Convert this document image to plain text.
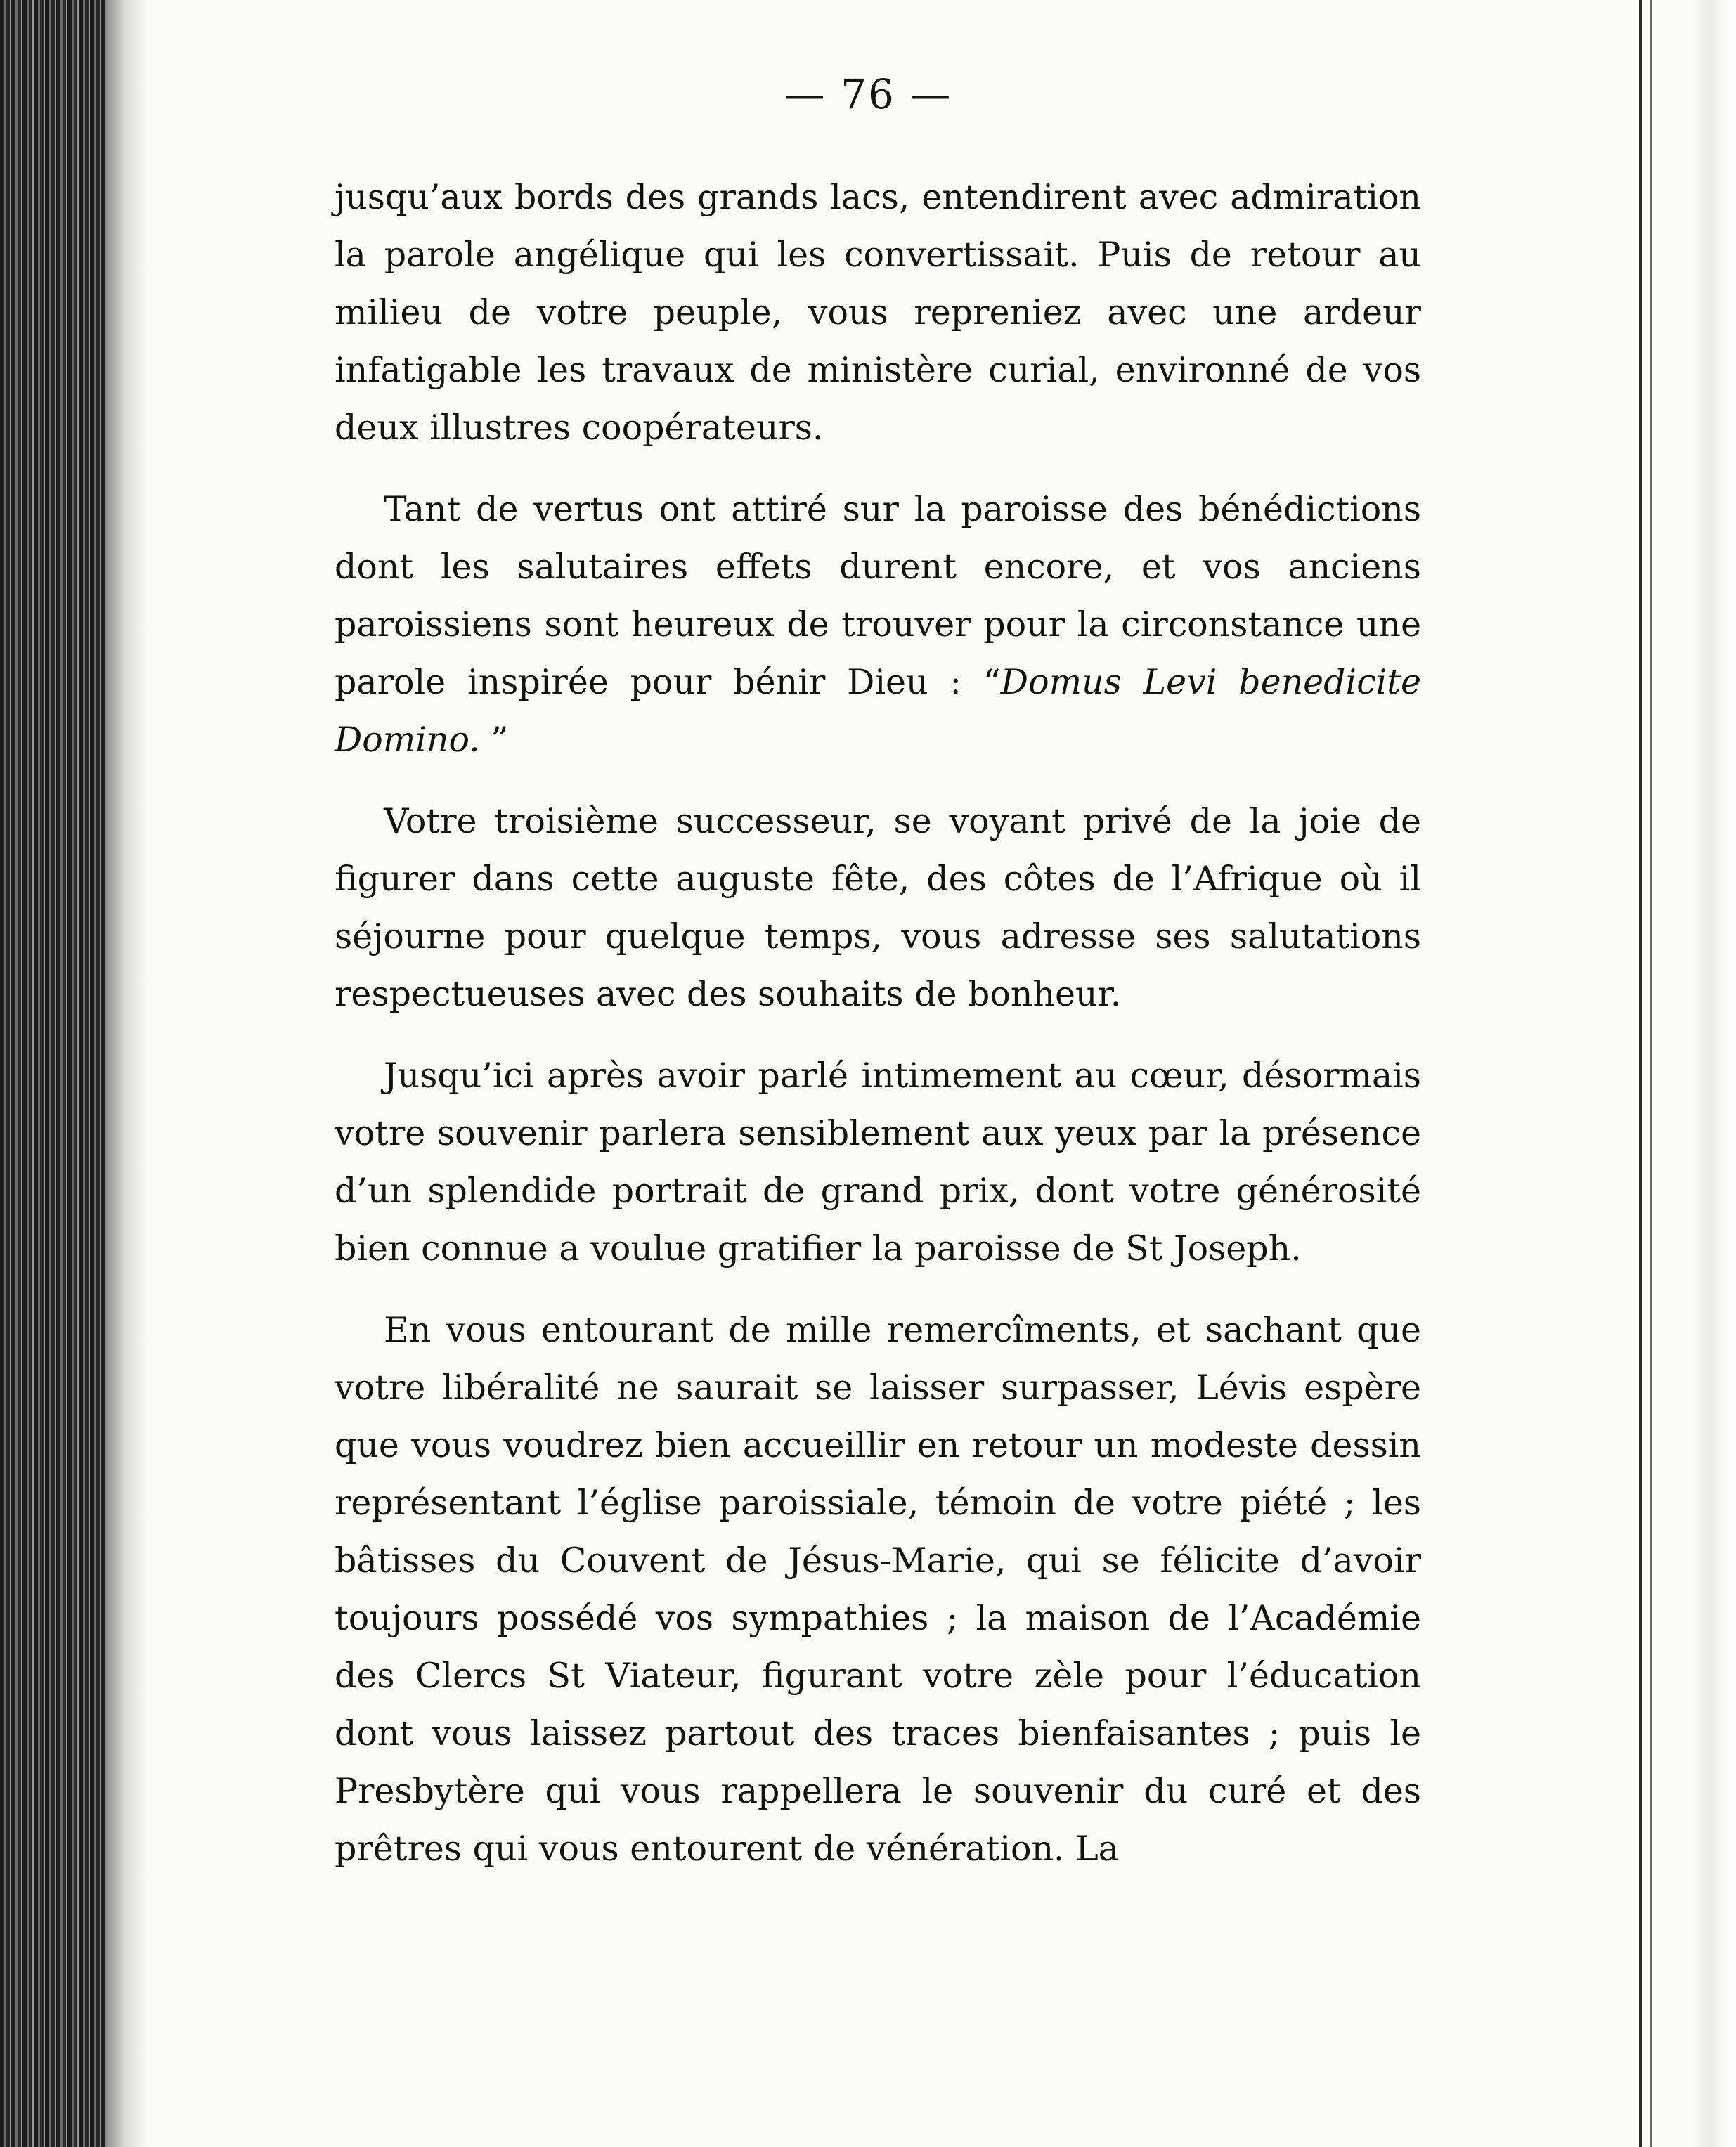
— 76 —

jusqu’aux bords des grands lacs, entendirent avec admiration la parole angélique qui les convertissait. Puis de retour au milieu de votre peuple, vous repreniez avec une ardeur infatigable les travaux de ministère curial, environné de vos deux illustres coopérateurs.

Tant de vertus ont attiré sur la paroisse des bénédictions dont les salutaires effets durent encore, et vos anciens paroissiens sont heureux de trouver pour la circonstance une parole inspirée pour bénir Dieu : “Domus Levi benedicite Domino. ”

Votre troisième successeur, se voyant privé de la joie de figurer dans cette auguste fête, des côtes de l’Afrique où il séjourne pour quelque temps, vous adresse ses salutations respectueuses avec des souhaits de bonheur.

Jusqu’ici après avoir parlé intimement au cœur, désormais votre souvenir parlera sensiblement aux yeux par la présence d’un splendide portrait de grand prix, dont votre générosité bien connue a voulue gratifier la paroisse de St Joseph.

En vous entourant de mille remercîments, et sachant que votre libéralité ne saurait se laisser surpasser, Lévis espère que vous voudrez bien accueillir en retour un modeste dessin représentant l’église paroissiale, témoin de votre piété ; les bâtisses du Couvent de Jésus-Marie, qui se félicite d’avoir toujours possédé vos sympathies ; la maison de l’Académie des Clercs St Viateur, figurant votre zèle pour l’éducation dont vous laissez partout des traces bienfaisantes ; puis le Presbytère qui vous rappellera le souvenir du curé et des prêtres qui vous entourent de vénération. La
